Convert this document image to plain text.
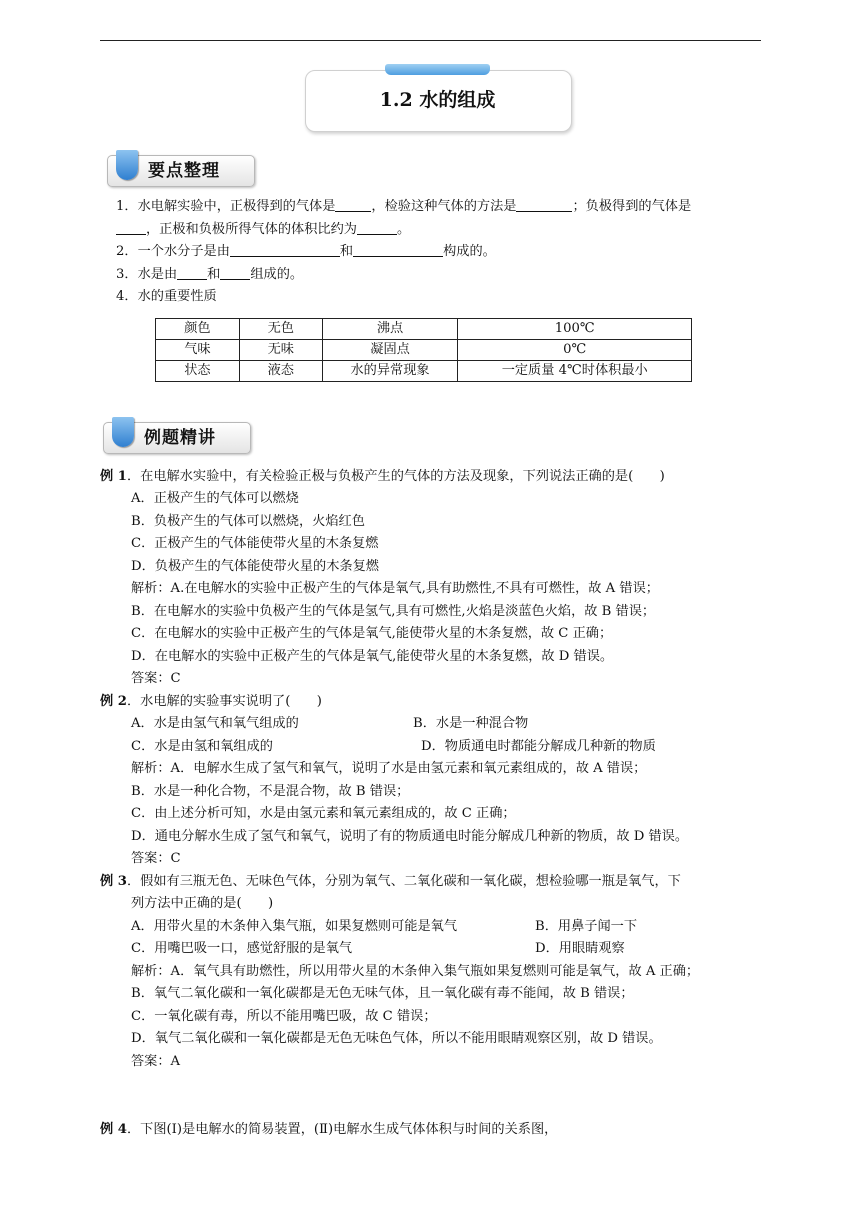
1.2 水的组成
要点整理
1．水电解实验中，正极得到的气体是	，检验这种气体的方法是	；负极得到的气体是
，正极和负极所得气体的体积比约为	。
2．一个水分子是由	和	构成的。
3．水是由 和 组成的。
4．水的重要性质
颜色	无色	沸点	100℃
气味	无味	凝固点	0℃
状态	液态	水的异常现象	一定质量 4℃时体积最小
例题精讲
例 1．在电解水实验中，有关检验正极与负极产生的气体的方法及现象，下列说法正确的是(　　)
A．正极产生的气体可以燃烧
B．负极产生的气体可以燃烧，火焰红色
C．正极产生的气体能使带火星的木条复燃
D．负极产生的气体能使带火星的木条复燃
解析：A.在电解水的实验中正极产生的气体是氧气,具有助燃性,不具有可燃性，故 A 错误；
B．在电解水的实验中负极产生的气体是氢气,具有可燃性,火焰是淡蓝色火焰，故 B 错误；
C．在电解水的实验中正极产生的气体是氧气,能使带火星的木条复燃，故 C 正确；
D．在电解水的实验中正极产生的气体是氧气,能使带火星的木条复燃，故 D 错误。
答案：C
例 2．水电解的实验事实说明了(　　)
A．水是由氢气和氧气组成的	B．水是一种混合物
C．水是由氢和氧组成的	D．物质通电时都能分解成几种新的物质
解析：A．电解水生成了氢气和氧气，说明了水是由氢元素和氧元素组成的，故 A 错误；
B．水是一种化合物，不是混合物，故 B 错误；
C．由上述分析可知，水是由氢元素和氧元素组成的，故 C 正确；
D．通电分解水生成了氢气和氧气，说明了有的物质通电时能分解成几种新的物质，故 D 错误。
答案：C
例 3．假如有三瓶无色、无味色气体，分别为氧气、二氧化碳和一氧化碳，想检验哪一瓶是氧气，下
列方法中正确的是(　　)
A．用带火星的木条伸入集气瓶，如果复燃则可能是氧气	B．用鼻子闻一下
C．用嘴巴吸一口，感觉舒服的是氧气	D．用眼睛观察
解析：A．氧气具有助燃性，所以用带火星的木条伸入集气瓶如果复燃则可能是氧气，故 A 正确；
B．氧气二氧化碳和一氧化碳都是无色无味气体，且一氧化碳有毒不能闻，故 B 错误；
C．一氧化碳有毒，所以不能用嘴巴吸，故 C 错误；
D．氧气二氧化碳和一氧化碳都是无色无味色气体，所以不能用眼睛观察区别，故 D 错误。
答案：A
例 4．下图(Ⅰ)是电解水的简易装置，(Ⅱ)电解水生成气体体积与时间的关系图，
